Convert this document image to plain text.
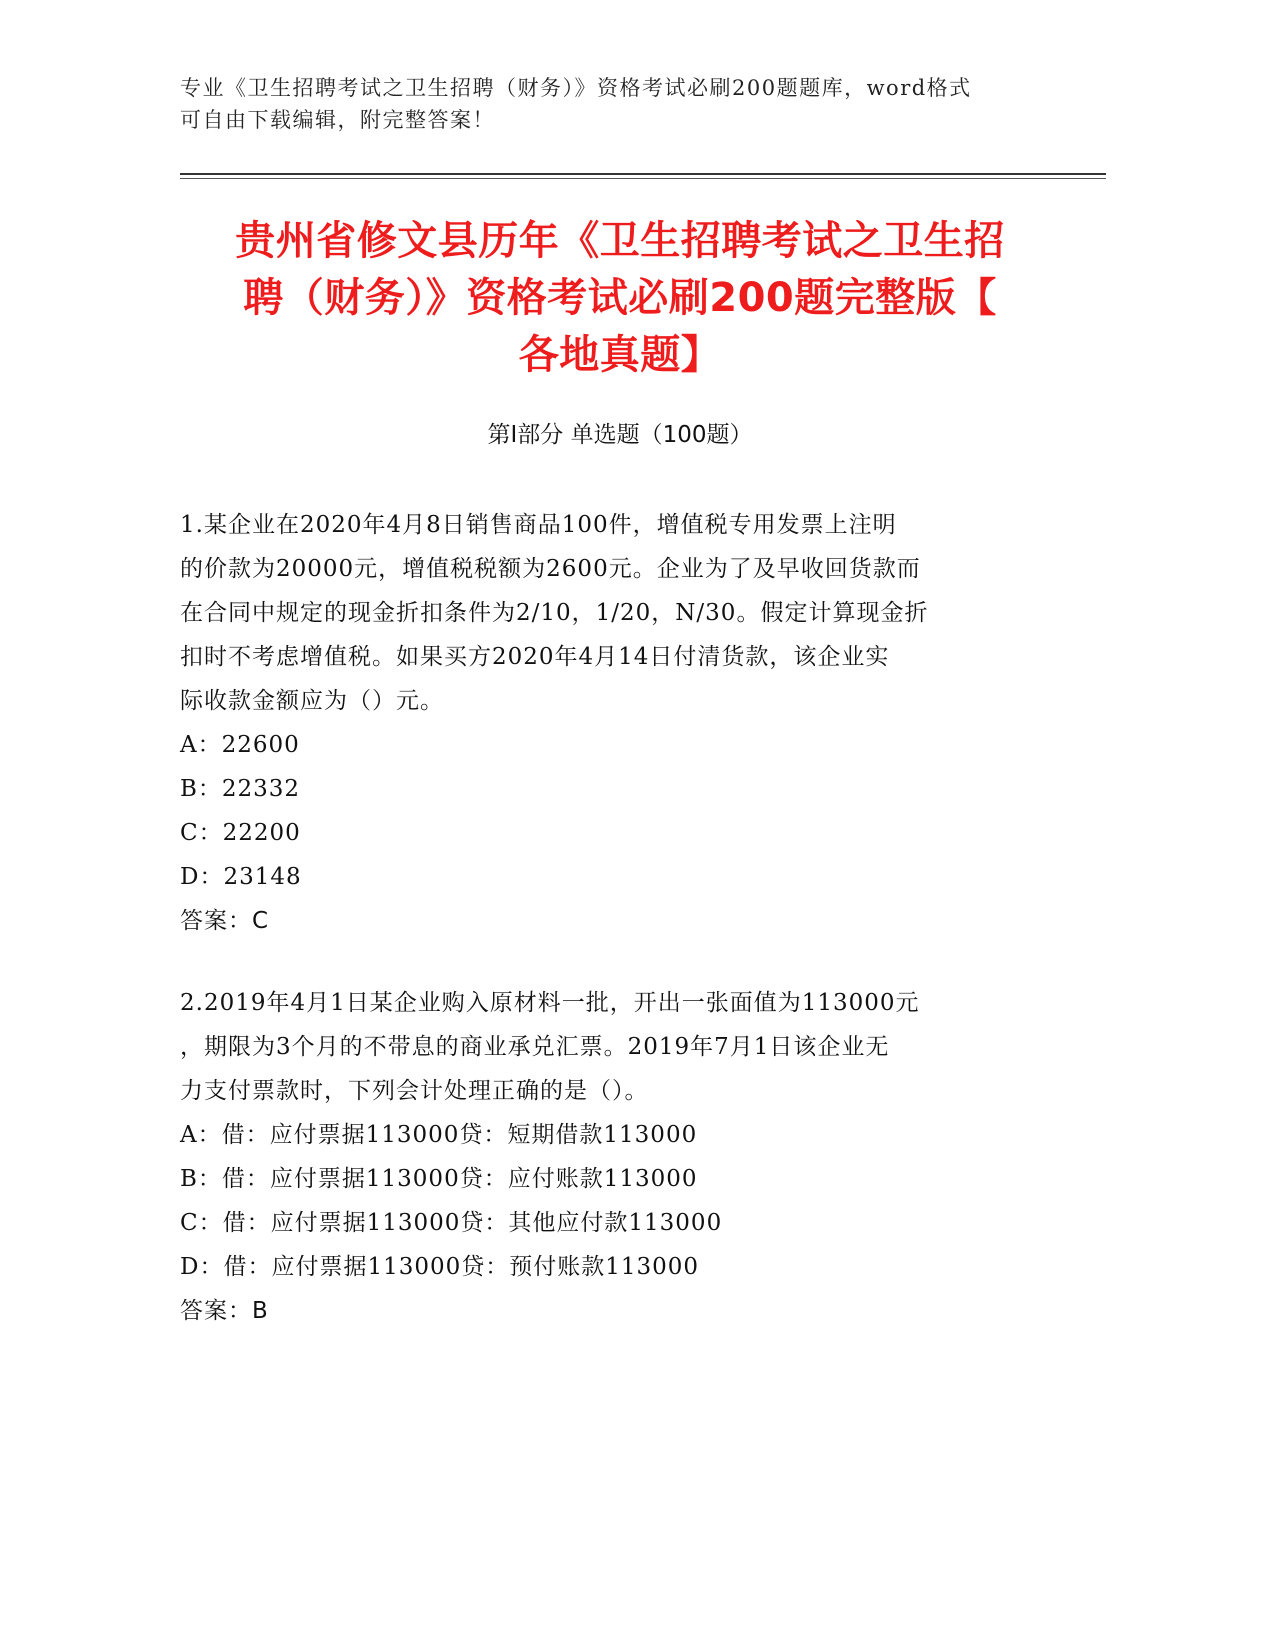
专业《卫生招聘考试之卫生招聘（财务）》资格考试必刷200题题库，word格式
可自由下载编辑，附完整答案！
贵州省修文县历年《卫生招聘考试之卫生招
聘（财务）》资格考试必刷200题完整版【
各地真题】
第Ⅰ部分 单选题（100题）

1.某企业在2020年4月8日销售商品100件，增值税专用发票上注明

的价款为20000元，增值税税额为2600元。企业为了及早收回货款而

在合同中规定的现金折扣条件为2/10，1/20，N/30。假定计算现金折

扣时不考虑增值税。如果买方2020年4月14日付清货款，该企业实

际收款金额应为（）元。

A：22600

B：22332

C：22200

D：23148

答案：C

2.2019年4月1日某企业购入原材料一批，开出一张面值为113000元

，期限为3个月的不带息的商业承兑汇票。2019年7月1日该企业无

力支付票款时，下列会计处理正确的是（）。

A：借：应付票据113000贷：短期借款113000

B：借：应付票据113000贷：应付账款113000

C：借：应付票据113000贷：其他应付款113000

D：借：应付票据113000贷：预付账款113000

答案：B
